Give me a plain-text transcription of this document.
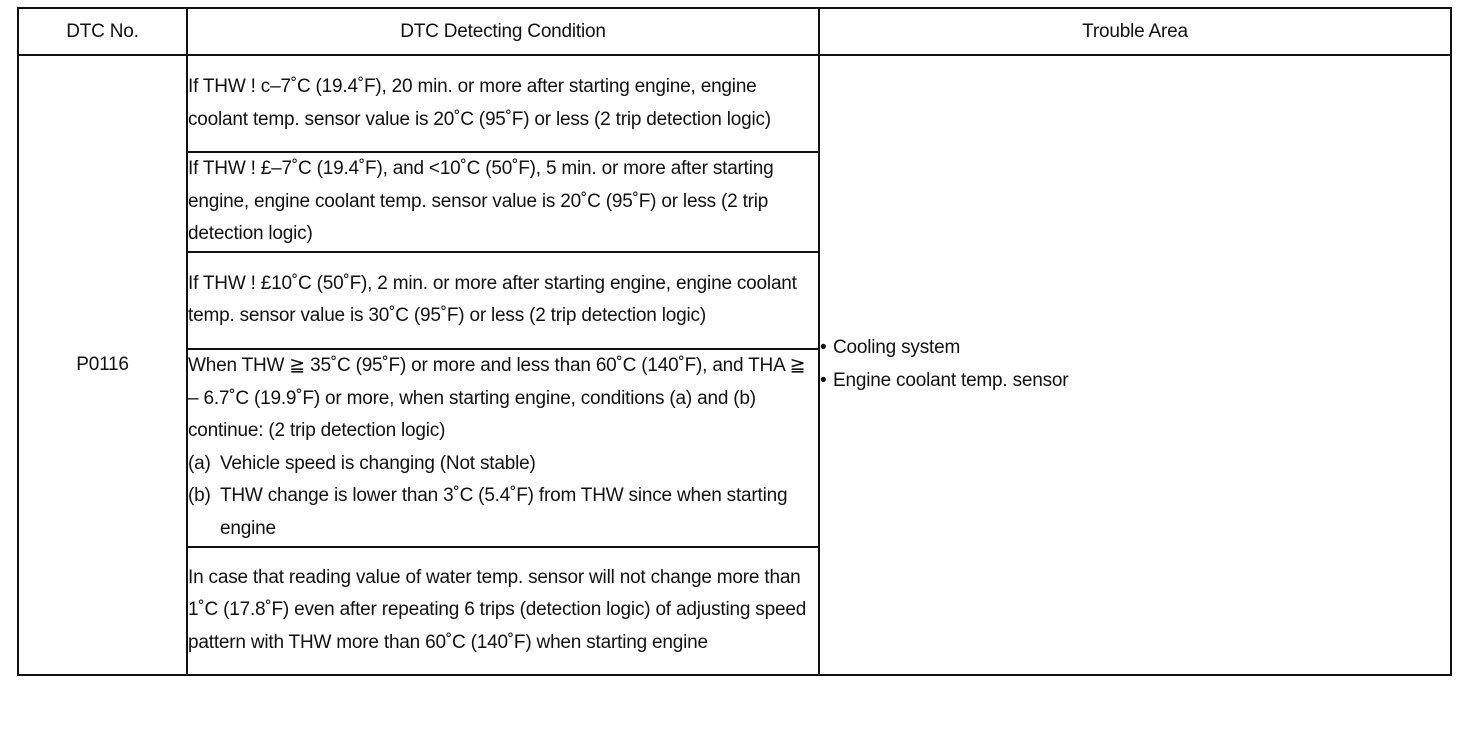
DTC No.	DTC Detecting Condition	Trouble Area
P0116	If THW ! c–7˚C (19.4˚F), 20 min. or more after starting engine, engine coolant temp. sensor value is 20˚C (95˚F) or less (2 trip detection logic)	• Cooling system
• Engine coolant temp. sensor

	If THW ! £–7˚C (19.4˚F), and <10˚C (50˚F), 5 min. or more after starting engine, engine coolant temp. sensor value is 20˚C (95˚F) or less (2 trip detection logic)	

	If THW ! £10˚C (50˚F), 2 min. or more after starting engine, engine coolant temp. sensor value is 30˚C (95˚F) or less (2 trip detection logic)	

	When THW ≧ 35˚C (95˚F) or more and less than 60˚C (140˚F), and THA ≧ – 6.7˚C (19.9˚F) or more, when starting engine, conditions (a) and (b) continue: (2 trip detection logic)

(a) Vehicle speed is changing (Not stable)
(b) THW change is lower than 3˚C (5.4˚F) from THW since when starting engine	

	In case that reading value of water temp. sensor will not change more than 1˚C (17.8˚F) even after repeating 6 trips (detection logic) of adjusting speed pattern with THW more than 60˚C (140˚F) when starting engine	
